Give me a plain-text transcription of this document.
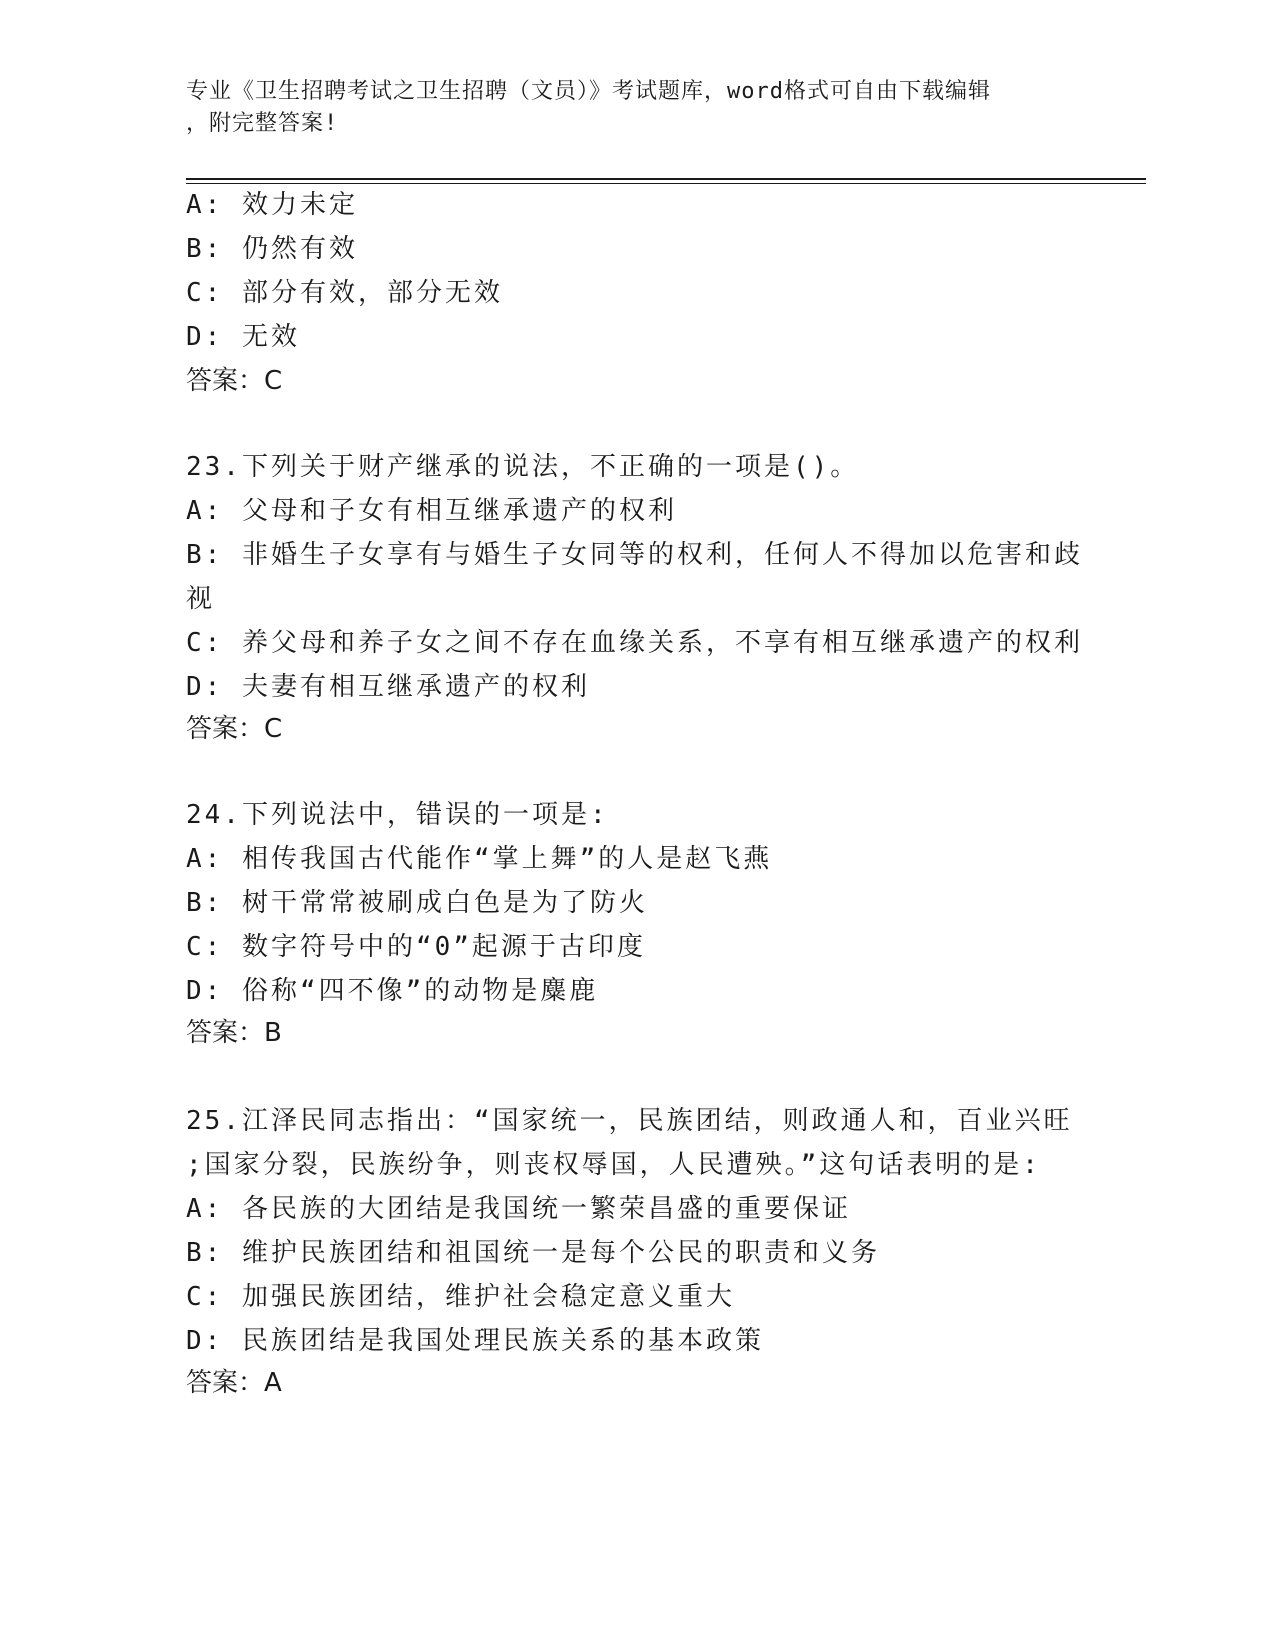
专业《卫生招聘考试之卫生招聘（文员）》考试题库，word格式可自由下载编辑
，附完整答案!
A: 效力未定
B: 仍然有效
C: 部分有效，部分无效
D: 无效
答案：C
23.下列关于财产继承的说法，不正确的一项是()。
A: 父母和子女有相互继承遗产的权利
B: 非婚生子女享有与婚生子女同等的权利，任何人不得加以危害和歧
视
C: 养父母和养子女之间不存在血缘关系，不享有相互继承遗产的权利
D: 夫妻有相互继承遗产的权利
答案：C
24.下列说法中，错误的一项是:
A: 相传我国古代能作“掌上舞”的人是赵飞燕
B: 树干常常被刷成白色是为了防火
C: 数字符号中的“0”起源于古印度
D: 俗称“四不像”的动物是麋鹿
答案：B
25.江泽民同志指出：“国家统一，民族团结，则政通人和，百业兴旺
;国家分裂，民族纷争，则丧权辱国，人民遭殃。”这句话表明的是:
A: 各民族的大团结是我国统一繁荣昌盛的重要保证
B: 维护民族团结和祖国统一是每个公民的职责和义务
C: 加强民族团结，维护社会稳定意义重大
D: 民族团结是我国处理民族关系的基本政策
答案：A
